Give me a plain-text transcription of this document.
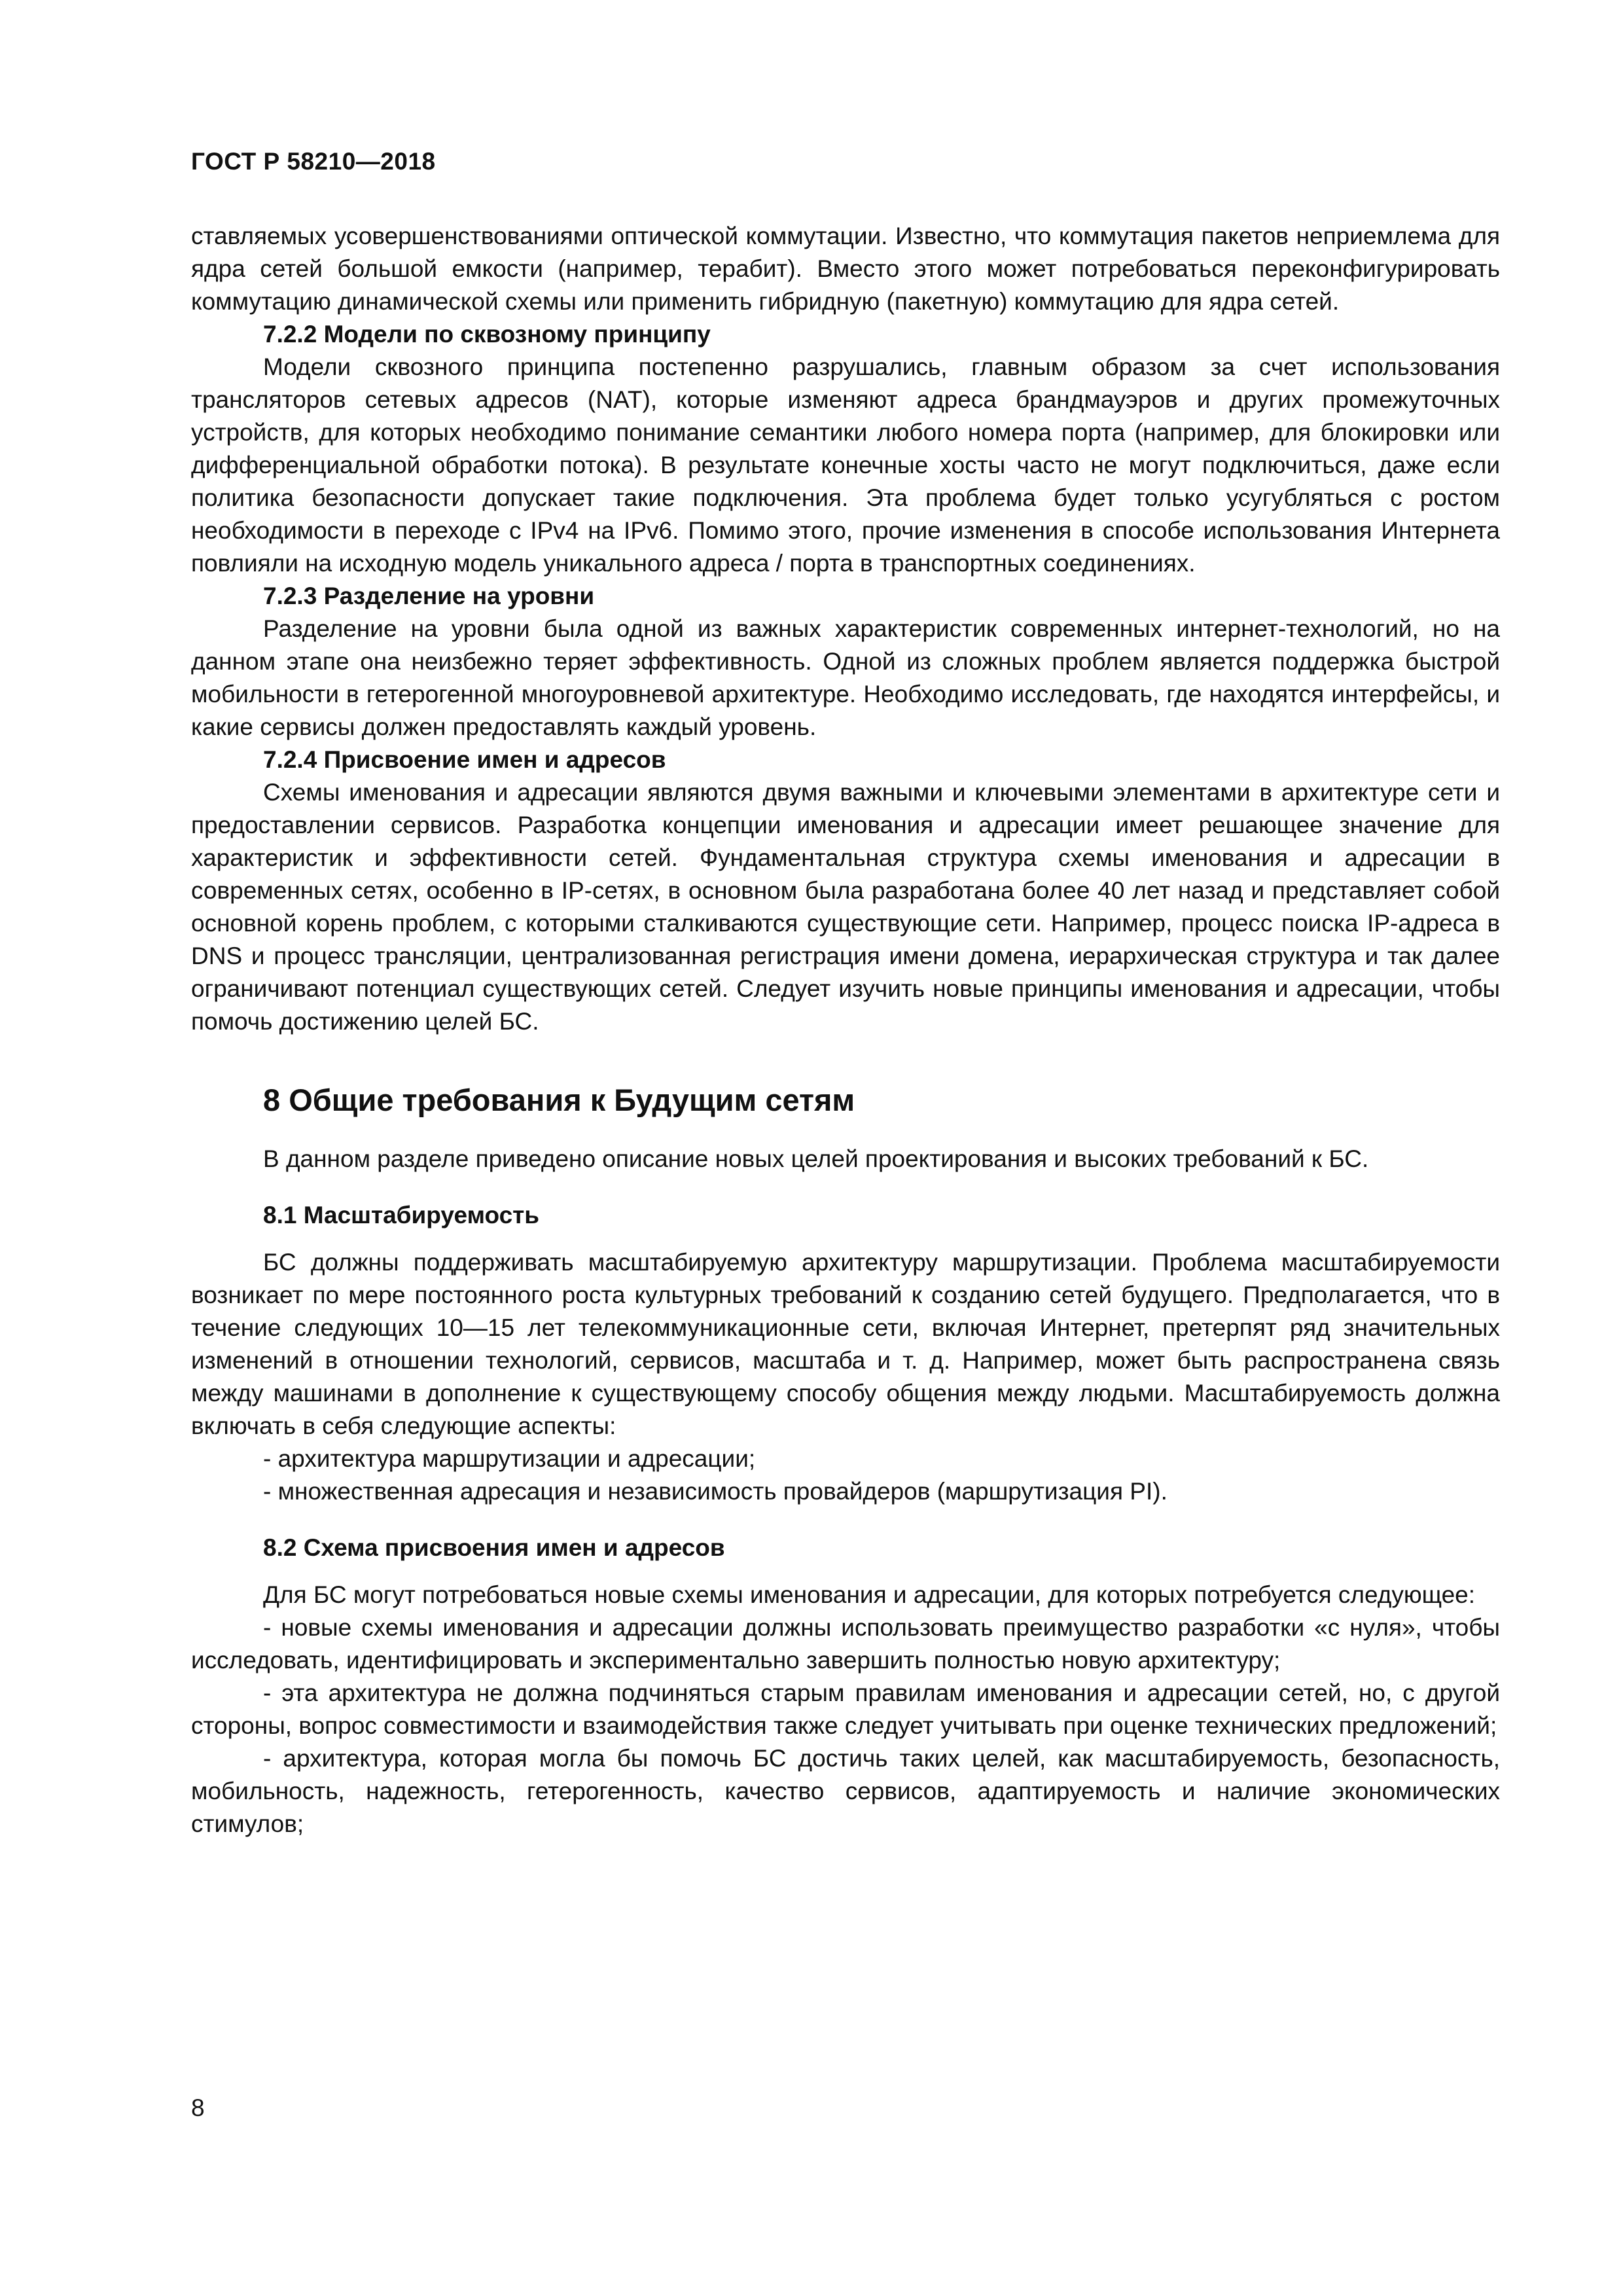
ГОСТ Р 58210—2018

ставляемых усовершенствованиями оптической коммутации. Известно, что коммутация пакетов неприемлема для ядра сетей большой емкости (например, терабит). Вместо этого может потребоваться переконфигурировать коммутацию динамической схемы или применить гибридную (пакетную) коммутацию для ядра сетей.

7.2.2 Модели по сквозному принципу

Модели сквозного принципа постепенно разрушались, главным образом за счет использования трансляторов сетевых адресов (NAT), которые изменяют адреса брандмауэров и других промежуточных устройств, для которых необходимо понимание семантики любого номера порта (например, для блокировки или дифференциальной обработки потока). В результате конечные хосты часто не могут подключиться, даже если политика безопасности допускает такие подключения. Эта проблема будет только усугубляться с ростом необходимости в переходе с IPv4 на IPv6. Помимо этого, прочие изменения в способе использования Интернета повлияли на исходную модель уникального адреса / порта в транспортных соединениях.

7.2.3 Разделение на уровни

Разделение на уровни была одной из важных характеристик современных интернет-технологий, но на данном этапе она неизбежно теряет эффективность. Одной из сложных проблем является поддержка быстрой мобильности в гетерогенной многоуровневой архитектуре. Необходимо исследовать, где находятся интерфейсы, и какие сервисы должен предоставлять каждый уровень.

7.2.4 Присвоение имен и адресов

Схемы именования и адресации являются двумя важными и ключевыми элементами в архитектуре сети и предоставлении сервисов. Разработка концепции именования и адресации имеет решающее значение для характеристик и эффективности сетей. Фундаментальная структура схемы именования и адресации в современных сетях, особенно в IP-сетях, в основном была разработана более 40 лет назад и представляет собой основной корень проблем, с которыми сталкиваются существующие сети. Например, процесс поиска IP-адреса в DNS и процесс трансляции, централизованная регистрация имени домена, иерархическая структура и так далее ограничивают потенциал существующих сетей. Следует изучить новые принципы именования и адресации, чтобы помочь достижению целей БС.

8 Общие требования к Будущим сетям

В данном разделе приведено описание новых целей проектирования и высоких требований к БС.

8.1 Масштабируемость

БС должны поддерживать масштабируемую архитектуру маршрутизации. Проблема масштабируемости возникает по мере постоянного роста культурных требований к созданию сетей будущего. Предполагается, что в течение следующих 10—15 лет телекоммуникационные сети, включая Интернет, претерпят ряд значительных изменений в отношении технологий, сервисов, масштаба и т. д. Например, может быть распространена связь между машинами в дополнение к существующему способу общения между людьми. Масштабируемость должна включать в себя следующие аспекты:

- архитектура маршрутизации и адресации;

- множественная адресация и независимость провайдеров (маршрутизация PI).

8.2 Схема присвоения имен и адресов

Для БС могут потребоваться новые схемы именования и адресации, для которых потребуется следующее:

- новые схемы именования и адресации должны использовать преимущество разработки «с нуля», чтобы исследовать, идентифицировать и экспериментально завершить полностью новую архитектуру;

- эта архитектура не должна подчиняться старым правилам именования и адресации сетей, но, с другой стороны, вопрос совместимости и взаимодействия также следует учитывать при оценке технических предложений;

- архитектура, которая могла бы помочь БС достичь таких целей, как масштабируемость, безопасность, мобильность, надежность, гетерогенность, качество сервисов, адаптируемость и наличие экономических стимулов;

8
